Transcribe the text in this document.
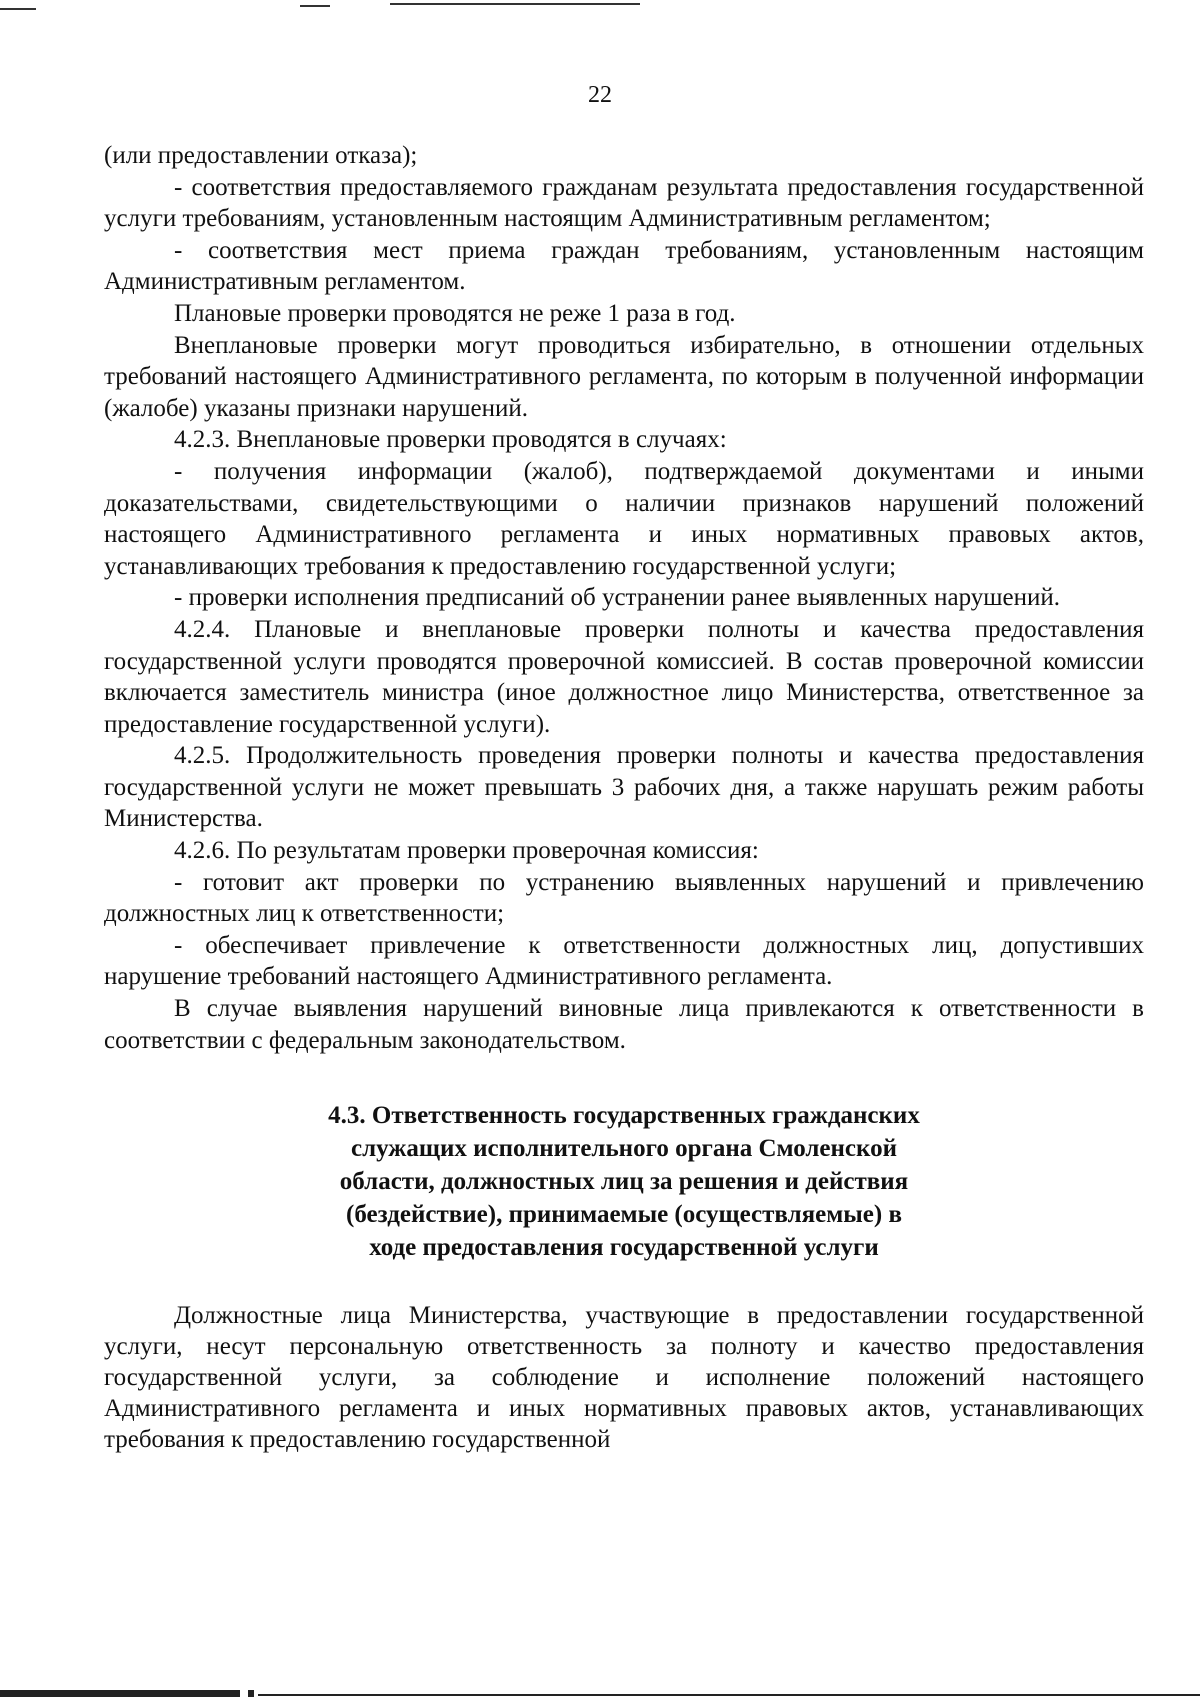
22

(или предоставлении отказа);

- соответствия предоставляемого гражданам результата предоставления государственной услуги требованиям, установленным настоящим Административным регламентом;

- соответствия мест приема граждан требованиям, установленным настоящим Административным регламентом.

Плановые проверки проводятся не реже 1 раза в год.

Внеплановые проверки могут проводиться избирательно, в отношении отдельных требований настоящего Административного регламента, по которым в полученной информации (жалобе) указаны признаки нарушений.

4.2.3. Внеплановые проверки проводятся в случаях:

- получения информации (жалоб), подтверждаемой документами и иными доказательствами, свидетельствующими о наличии признаков нарушений положений настоящего Административного регламента и иных нормативных правовых актов, устанавливающих требования к предоставлению государственной услуги;

- проверки исполнения предписаний об устранении ранее выявленных нарушений.

4.2.4. Плановые и внеплановые проверки полноты и качества предоставления государственной услуги проводятся проверочной комиссией. В состав проверочной комиссии включается заместитель министра (иное должностное лицо Министерства, ответственное за предоставление государственной услуги).

4.2.5. Продолжительность проведения проверки полноты и качества предоставления государственной услуги не может превышать 3 рабочих дня, а также нарушать режим работы Министерства.

4.2.6. По результатам проверки проверочная комиссия:

- готовит акт проверки по устранению выявленных нарушений и привлечению должностных лиц к ответственности;

- обеспечивает привлечение к ответственности должностных лиц, допустивших нарушение требований настоящего Административного регламента.

В случае выявления нарушений виновные лица привлекаются к ответственности в соответствии с федеральным законодательством.

4.3. Ответственность государственных гражданских
служащих исполнительного органа Смоленской
области, должностных лиц за решения и действия
(бездействие), принимаемые (осуществляемые) в
ходе предоставления государственной услуги

Должностные лица Министерства, участвующие в предоставлении государственной услуги, несут персональную ответственность за полноту и качество предоставления государственной услуги, за соблюдение и исполнение положений настоящего Административного регламента и иных нормативных правовых актов, устанавливающих требования к предоставлению государственной
